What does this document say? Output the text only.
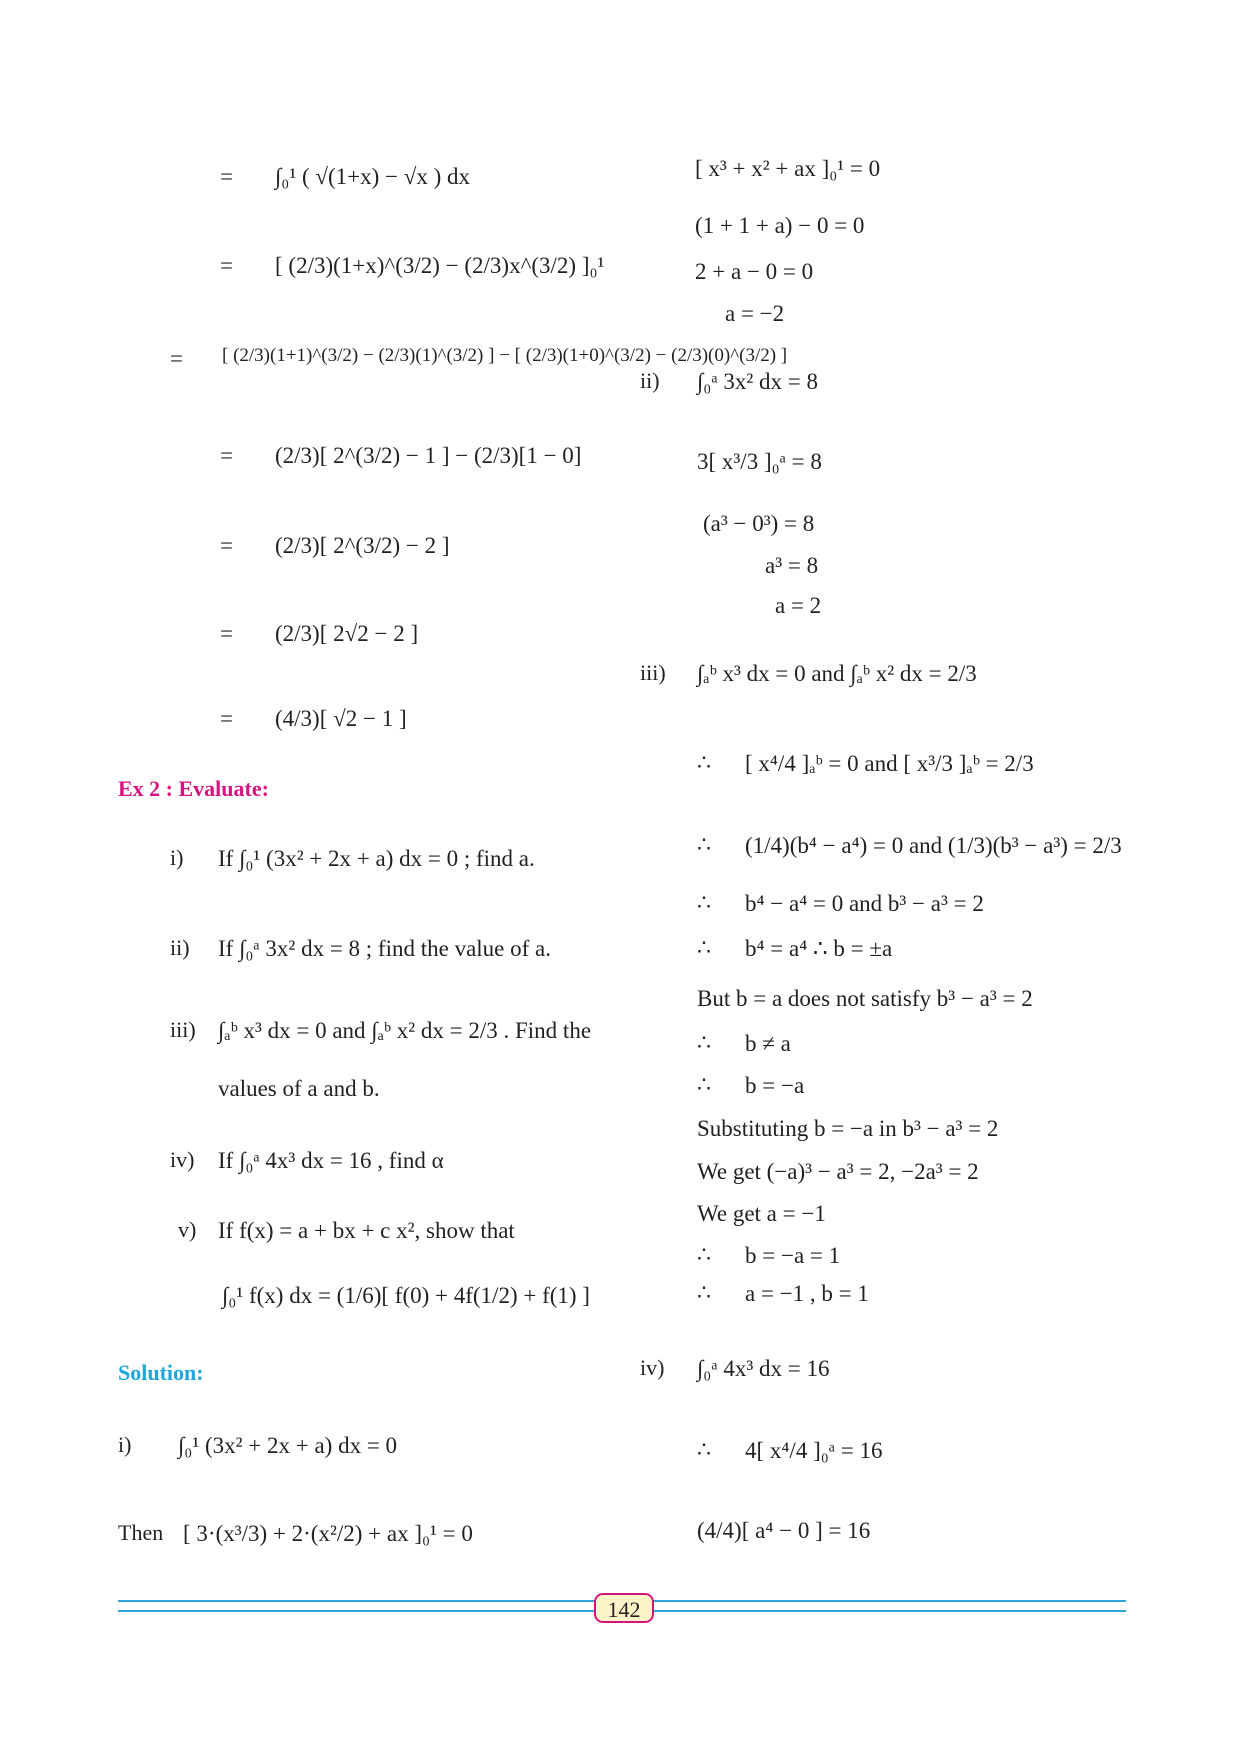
= ∫₀¹ ( √(1+x) − √x ) dx
= [ (2/3)(1+x)^(3/2) − (2/3)x^(3/2) ]₀¹
= [ (2/3)(1+1)^(3/2) − (2/3)(1)^(3/2) ] − [ (2/3)(1+0)^(3/2) − (2/3)(0)^(3/2) ]
= (2/3)[ 2^(3/2) − 1 ] − (2/3)[1 − 0]
= (2/3)[ 2^(3/2) − 2 ]
= (2/3)[ 2√2 − 2 ]
= (4/3)[ √2 − 1 ]
Ex 2 : Evaluate:
i) If ∫₀¹ (3x² + 2x + a) dx = 0 ; find a.
ii) If ∫₀ᵃ 3x² dx = 8 ; find the value of a.
iii) ∫ₐᵇ x³ dx = 0 and ∫ₐᵇ x² dx = 2/3 . Find the
values of a and b.
iv) If ∫₀ᵃ 4x³ dx = 16 , find α
v) If f(x) = a + bx + c x², show that
∫₀¹ f(x) dx = (1/6)[ f(0) + 4f(1/2) + f(1) ]
Solution:
i) ∫₀¹ (3x² + 2x + a) dx = 0
Then [ 3·(x³/3) + 2·(x²/2) + ax ]₀¹ = 0
[ x³ + x² + ax ]₀¹ = 0
(1 + 1 + a) − 0 = 0
2 + a − 0 = 0
a = −2
ii) ∫₀ᵃ 3x² dx = 8
3[ x³/3 ]₀ᵃ = 8
(a³ − 0³) = 8
a³ = 8
a = 2
iii) ∫ₐᵇ x³ dx = 0 and ∫ₐᵇ x² dx = 2/3
∴ [ x⁴/4 ]ₐᵇ = 0 and [ x³/3 ]ₐᵇ = 2/3
∴ (1/4)(b⁴ − a⁴) = 0 and (1/3)(b³ − a³) = 2/3
∴ b⁴ − a⁴ = 0 and b³ − a³ = 2
∴ b⁴ = a⁴ ∴ b = ±a
But b = a does not satisfy b³ − a³ = 2
∴ b ≠ a
∴ b = −a
Substituting b = −a in b³ − a³ = 2
We get (−a)³ − a³ = 2, −2a³ = 2
We get a = −1
∴ b = −a = 1
∴ a = −1 , b = 1
iv) ∫₀ᵃ 4x³ dx = 16
∴ 4[ x⁴/4 ]₀ᵃ = 16
(4/4)[ a⁴ − 0 ] = 16
142
